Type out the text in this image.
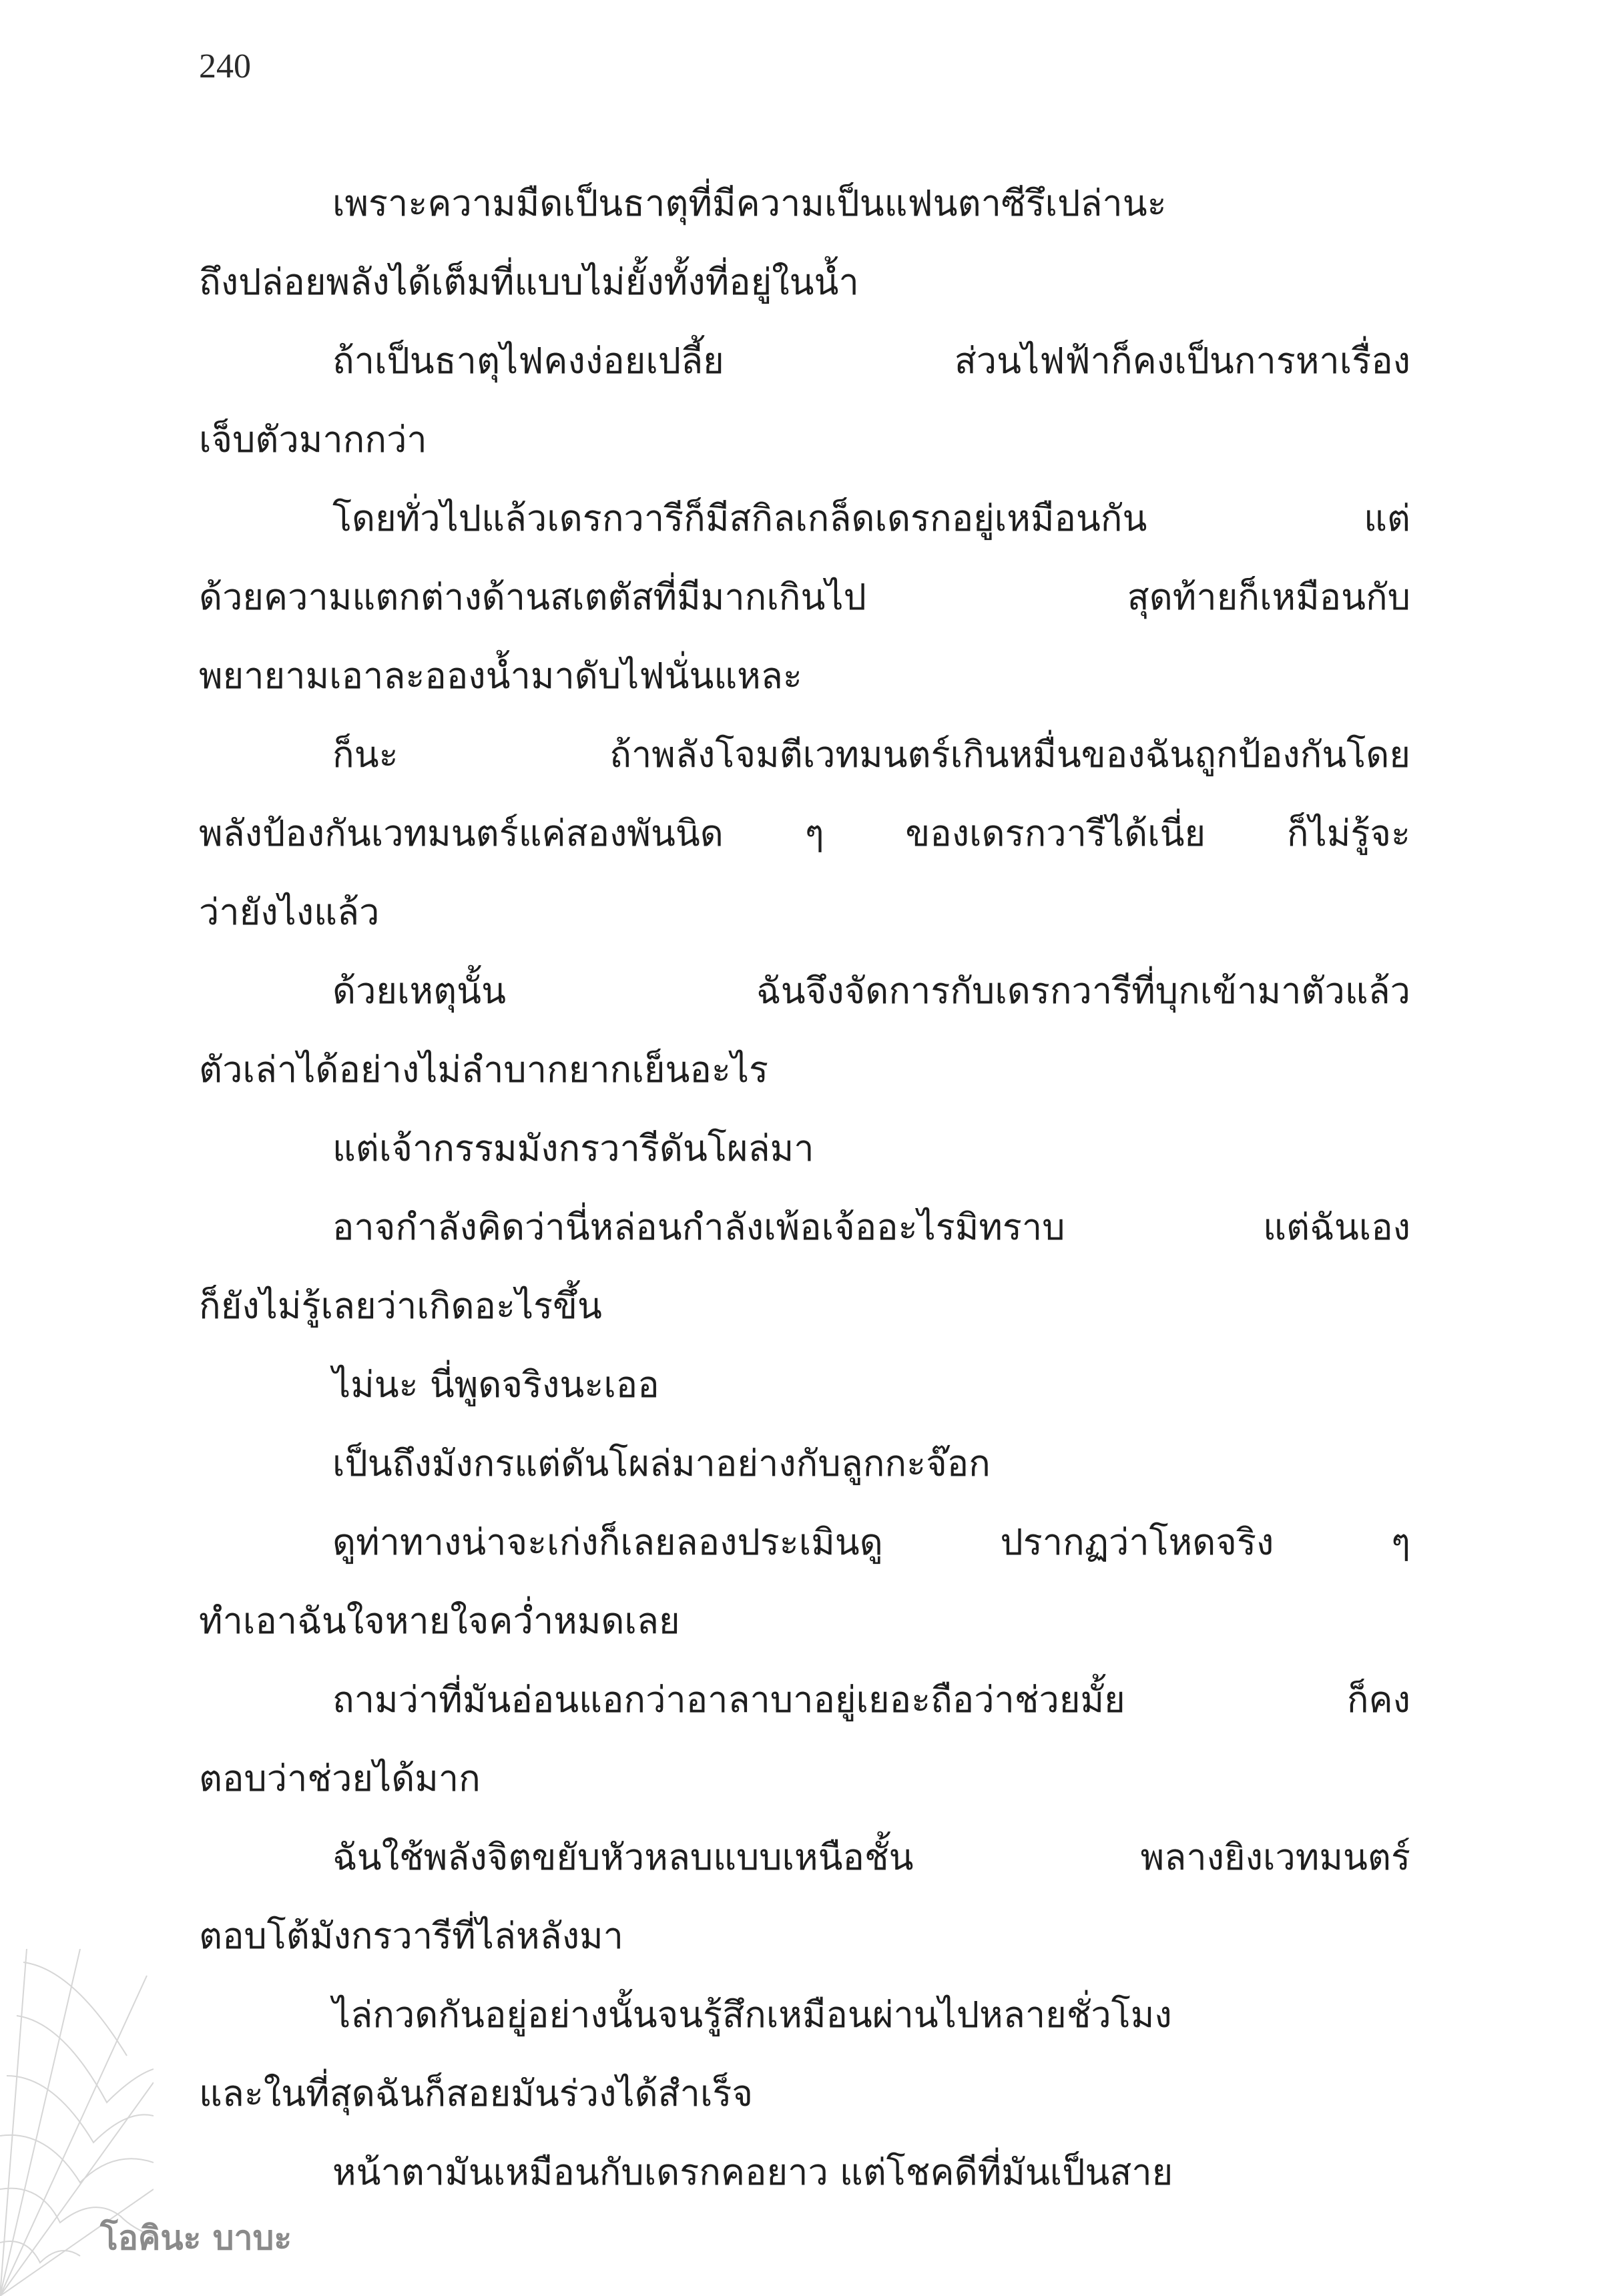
240
เพราะความมืดเป็นธาตุที่มีความเป็นแฟนตาซีรึเปล่านะ
ถึงปล่อยพลังได้เต็มที่แบบไม่ยั้งทั้งที่อยู่ในน้ำ
ถ้าเป็นธาตุไฟคงง่อยเปลี้ย ส่วนไฟฟ้าก็คงเป็นการหาเรื่อง
เจ็บตัวมากกว่า
โดยทั่วไปแล้วเดรกวารีก็มีสกิลเกล็ดเดรกอยู่เหมือนกัน แต่
ด้วยความแตกต่างด้านสเตตัสที่มีมากเกินไป สุดท้ายก็เหมือนกับ
พยายามเอาละอองน้ำมาดับไฟนั่นแหละ
ก็นะ ถ้าพลังโจมตีเวทมนตร์เกินหมื่นของฉันถูกป้องกันโดย
พลังป้องกันเวทมนตร์แค่สองพันนิด ๆ ของเดรกวารีได้เนี่ย ก็ไม่รู้จะ
ว่ายังไงแล้ว
ด้วยเหตุนั้น ฉันจึงจัดการกับเดรกวารีที่บุกเข้ามาตัวแล้ว
ตัวเล่าได้อย่างไม่ลำบากยากเย็นอะไร
แต่เจ้ากรรมมังกรวารีดันโผล่มา
อาจกำลังคิดว่านี่หล่อนกำลังเพ้อเจ้ออะไรมิทราบ แต่ฉันเอง
ก็ยังไม่รู้เลยว่าเกิดอะไรขึ้น
ไม่นะ นี่พูดจริงนะเออ
เป็นถึงมังกรแต่ดันโผล่มาอย่างกับลูกกะจ๊อก
ดูท่าทางน่าจะเก่งก็เลยลองประเมินดู ปรากฏว่าโหดจริง ๆ
ทำเอาฉันใจหายใจคว่ำหมดเลย
ถามว่าที่มันอ่อนแอกว่าอาลาบาอยู่เยอะถือว่าช่วยมั้ย ก็คง
ตอบว่าช่วยได้มาก
ฉันใช้พลังจิตขยับหัวหลบแบบเหนือชั้น พลางยิงเวทมนตร์
ตอบโต้มังกรวารีที่ไล่หลังมา
ไล่กวดกันอยู่อย่างนั้นจนรู้สึกเหมือนผ่านไปหลายชั่วโมง
และในที่สุดฉันก็สอยมันร่วงได้สำเร็จ
หน้าตามันเหมือนกับเดรกคอยาว แต่โชคดีที่มันเป็นสาย
โอคินะ บาบะ
